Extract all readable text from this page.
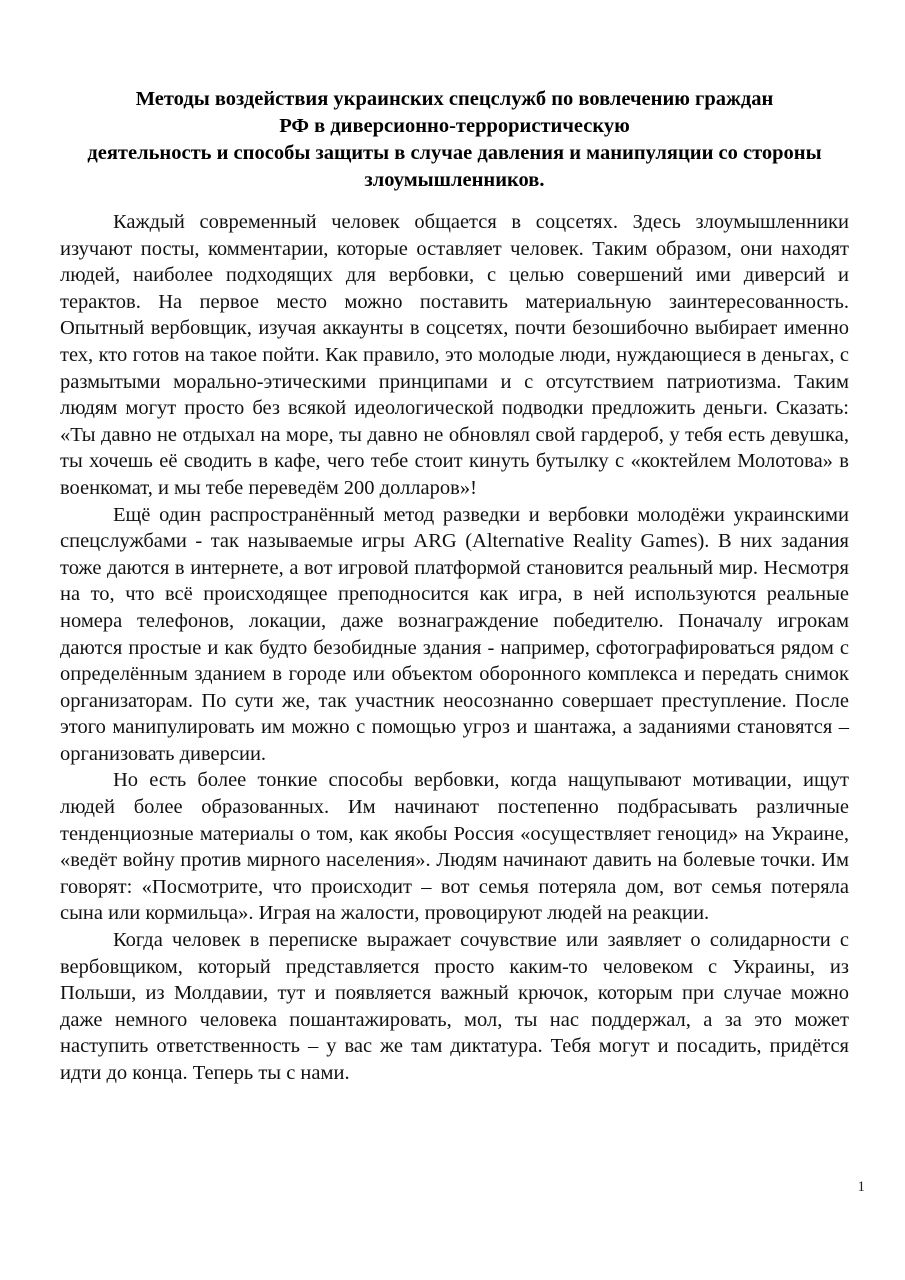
Методы воздействия украинских спецслужб по вовлечению граждан
РФ в диверсионно-террористическую
деятельность и способы защиты в случае давления и манипуляции со стороны
злоумышленников.

Каждый современный человек общается в соцсетях. Здесь злоумышленники изучают посты, комментарии, которые оставляет человек. Таким образом, они находят людей, наиболее подходящих для вербовки, с целью совершений ими диверсий и терактов. На первое место можно поставить материальную заинтересованность. Опытный вербовщик, изучая аккаунты в соцсетях, почти безошибочно выбирает именно тех, кто готов на такое пойти. Как правило, это молодые люди, нуждающиеся в деньгах, с размытыми морально-этическими принципами и с отсутствием патриотизма. Таким людям могут просто без всякой идеологической подводки предложить деньги. Сказать: «Ты давно не отдыхал на море, ты давно не обновлял свой гардероб, у тебя есть девушка, ты хочешь её сводить в кафе, чего тебе стоит кинуть бутылку с «коктейлем Молотова» в военкомат, и мы тебе переведём 200 долларов»!

Ещё один распространённый метод разведки и вербовки молодёжи украинскими спецслужбами - так называемые игры ARG (Alternative Reality Games). В них задания тоже даются в интернете, а вот игровой платформой становится реальный мир. Несмотря на то, что всё происходящее преподносится как игра, в ней используются реальные номера телефонов, локации, даже вознаграждение победителю. Поначалу игрокам даются простые и как будто безобидные здания - например, сфотографироваться рядом с определённым зданием в городе или объектом оборонного комплекса и передать снимок организаторам. По сути же, так участник неосознанно совершает преступление. После этого манипулировать им можно с помощью угроз и шантажа, а заданиями становятся – организовать диверсии.

Но есть более тонкие способы вербовки, когда нащупывают мотивации, ищут людей более образованных. Им начинают постепенно подбрасывать различные тенденциозные материалы о том, как якобы Россия «осуществляет геноцид» на Украине, «ведёт войну против мирного населения». Людям начинают давить на болевые точки. Им говорят: «Посмотрите, что происходит – вот семья потеряла дом, вот семья потеряла сына или кормильца». Играя на жалости, провоцируют людей на реакции.

Когда человек в переписке выражает сочувствие или заявляет о солидарности с вербовщиком, который представляется просто каким-то человеком с Украины, из Польши, из Молдавии, тут и появляется важный крючок, которым при случае можно даже немного человека пошантажировать, мол, ты нас поддержал, а за это может наступить ответственность – у вас же там диктатура. Тебя могут и посадить, придётся идти до конца. Теперь ты с нами.

1
